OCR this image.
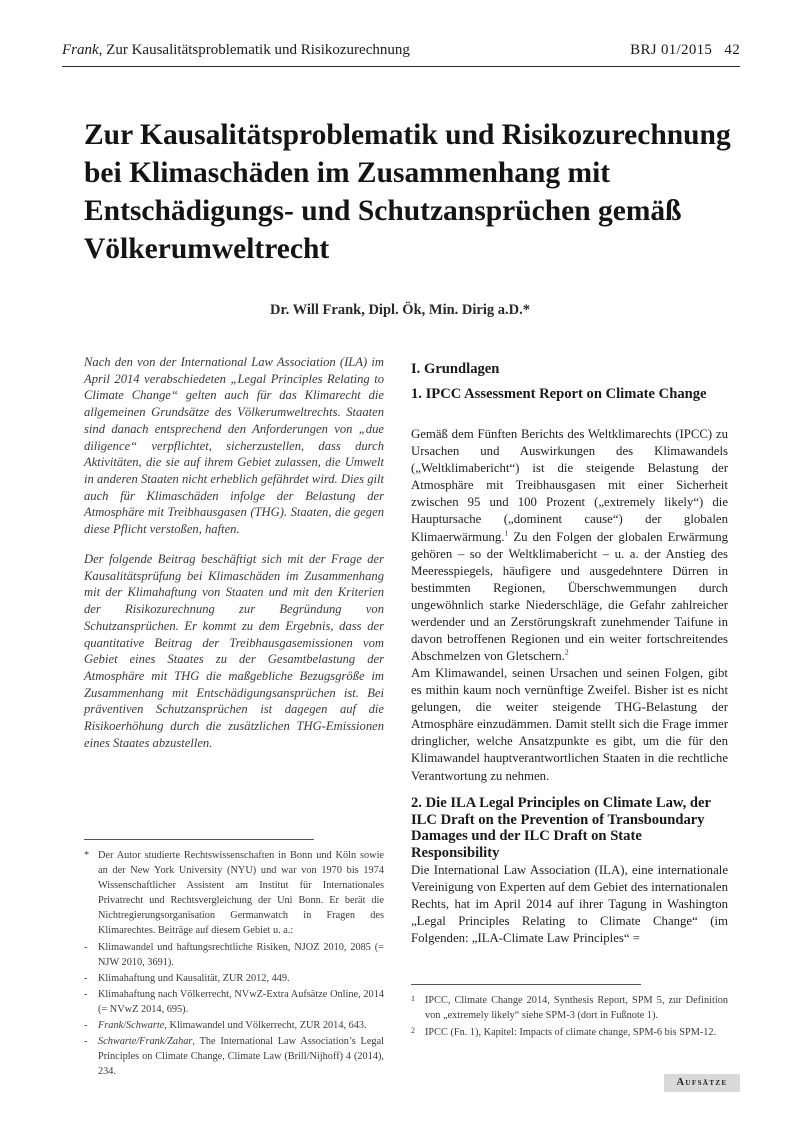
Frank, Zur Kausalitätsproblematik und Risikozurechnung	BRJ 01/2015 42
Zur Kausalitätsproblematik und Risikozurechnung bei Klimaschäden im Zusammenhang mit Entschädigungs- und Schutzansprüchen gemäß Völkerumweltrecht
Dr. Will Frank, Dipl. Ök, Min. Dirig a.D.*

Nach den von der International Law Association (ILA) im April 2014 verabschiedeten „Legal Principles Relating to Climate Change“ gelten auch für das Klimarecht die allgemeinen Grundsätze des Völkerumweltrechts. Staaten sind danach entsprechend den Anforderungen von „due diligence“ verpflichtet, sicherzustellen, dass durch Aktivitäten, die sie auf ihrem Gebiet zulassen, die Umwelt in anderen Staaten nicht erheblich gefährdet wird. Dies gilt auch für Klimaschäden infolge der Belastung der Atmosphäre mit Treibhausgasen (THG). Staaten, die gegen diese Pflicht verstoßen, haften.

Der folgende Beitrag beschäftigt sich mit der Frage der Kausalitätsprüfung bei Klimaschäden im Zusammenhang mit der Klimahaftung von Staaten und mit den Kriterien der Risikozurechnung zur Begründung von Schutzansprüchen. Er kommt zu dem Ergebnis, dass der quantitative Beitrag der Treibhausgasemissionen vom Gebiet eines Staates zu der Gesamtbelastung der Atmosphäre mit THG die maßgebliche Bezugsgröße im Zusammenhang mit Entschädigungsansprüchen ist. Bei präventiven Schutzansprüchen ist dagegen auf die Risikoerhöhung durch die zusätzlichen THG-Emissionen eines Staates abzustellen.

* Der Autor studierte Rechtswissenschaften in Bonn und Köln sowie an der New York University (NYU) und war von 1970 bis 1974 Wissenschaftlicher Assistent am Institut für Internationales Privatrecht und Rechtsvergleichung der Uni Bonn. Er berät die Nichtregierungsorganisation Germanwatch in Fragen des Klimarechtes. Beiträge auf diesem Gebiet u. a.:

- Klimawandel und haftungsrechtliche Risiken, NJOZ 2010, 2085 (= NJW 2010, 3691).

- Klimahaftung und Kausalität, ZUR 2012, 449.

- Klimahaftung nach Völkerrecht, NVwZ-Extra Aufsätze Online, 2014 (= NVwZ 2014, 695).

- Frank/Schwarte, Klimawandel und Völkerrecht, ZUR 2014, 643.

- Schwarte/Frank/Zahar, The International Law Association’s Legal Principles on Climate Change, Climate Law (Brill/Nijhoff) 4 (2014), 234.

I. Grundlagen
1. IPCC Assessment Report on Climate Change

Gemäß dem Fünften Berichts des Weltklimarechts (IPCC) zu Ursachen und Auswirkungen des Klimawandels („Weltklimabericht“) ist die steigende Belastung der Atmosphäre mit Treibhausgasen mit einer Sicherheit zwischen 95 und 100 Prozent („extremely likely“) die Hauptursache („dominent cause“) der globalen Klimaerwärmung.$^1$ Zu den Folgen der globalen Erwärmung gehören – so der Weltklimabericht – u. a. der Anstieg des Meeresspiegels, häufigere und ausgedehntere Dürren in bestimmten Regionen, Überschwemmungen durch ungewöhnlich starke Niederschläge, die Gefahr zahlreicher werdender und an Zerstörungskraft zunehmender Taifune in davon betroffenen Regionen und ein weiter fortschreitendes Abschmelzen von Gletschern.$^2$

Am Klimawandel, seinen Ursachen und seinen Folgen, gibt es mithin kaum noch vernünftige Zweifel. Bisher ist es nicht gelungen, die weiter steigende THG-Belastung der Atmosphäre einzudämmen. Damit stellt sich die Frage immer dringlicher, welche Ansatzpunkte es gibt, um die für den Klimawandel hauptverantwortlichen Staaten in die rechtliche Verantwortung zu nehmen.

2. Die ILA Legal Principles on Climate Law, der ILC Draft on the Prevention of Transboundary Damages und der ILC Draft on State Responsibility

Die International Law Association (ILA), eine internationale Vereinigung von Experten auf dem Gebiet des internationalen Rechts, hat im April 2014 auf ihrer Tagung in Washington „Legal Principles Relating to Climate Change“ (im Folgenden: „ILA-Climate Law Principles“ =

1 IPCC, Climate Change 2014, Synthesis Report, SPM 5, zur Definition von „extremely likely“ siehe SPM-3 (dort in Fußnote 1).

2 IPCC (Fn. 1), Kapitel: Impacts of climate change, SPM-6 bis SPM-12.

Aufsätze
